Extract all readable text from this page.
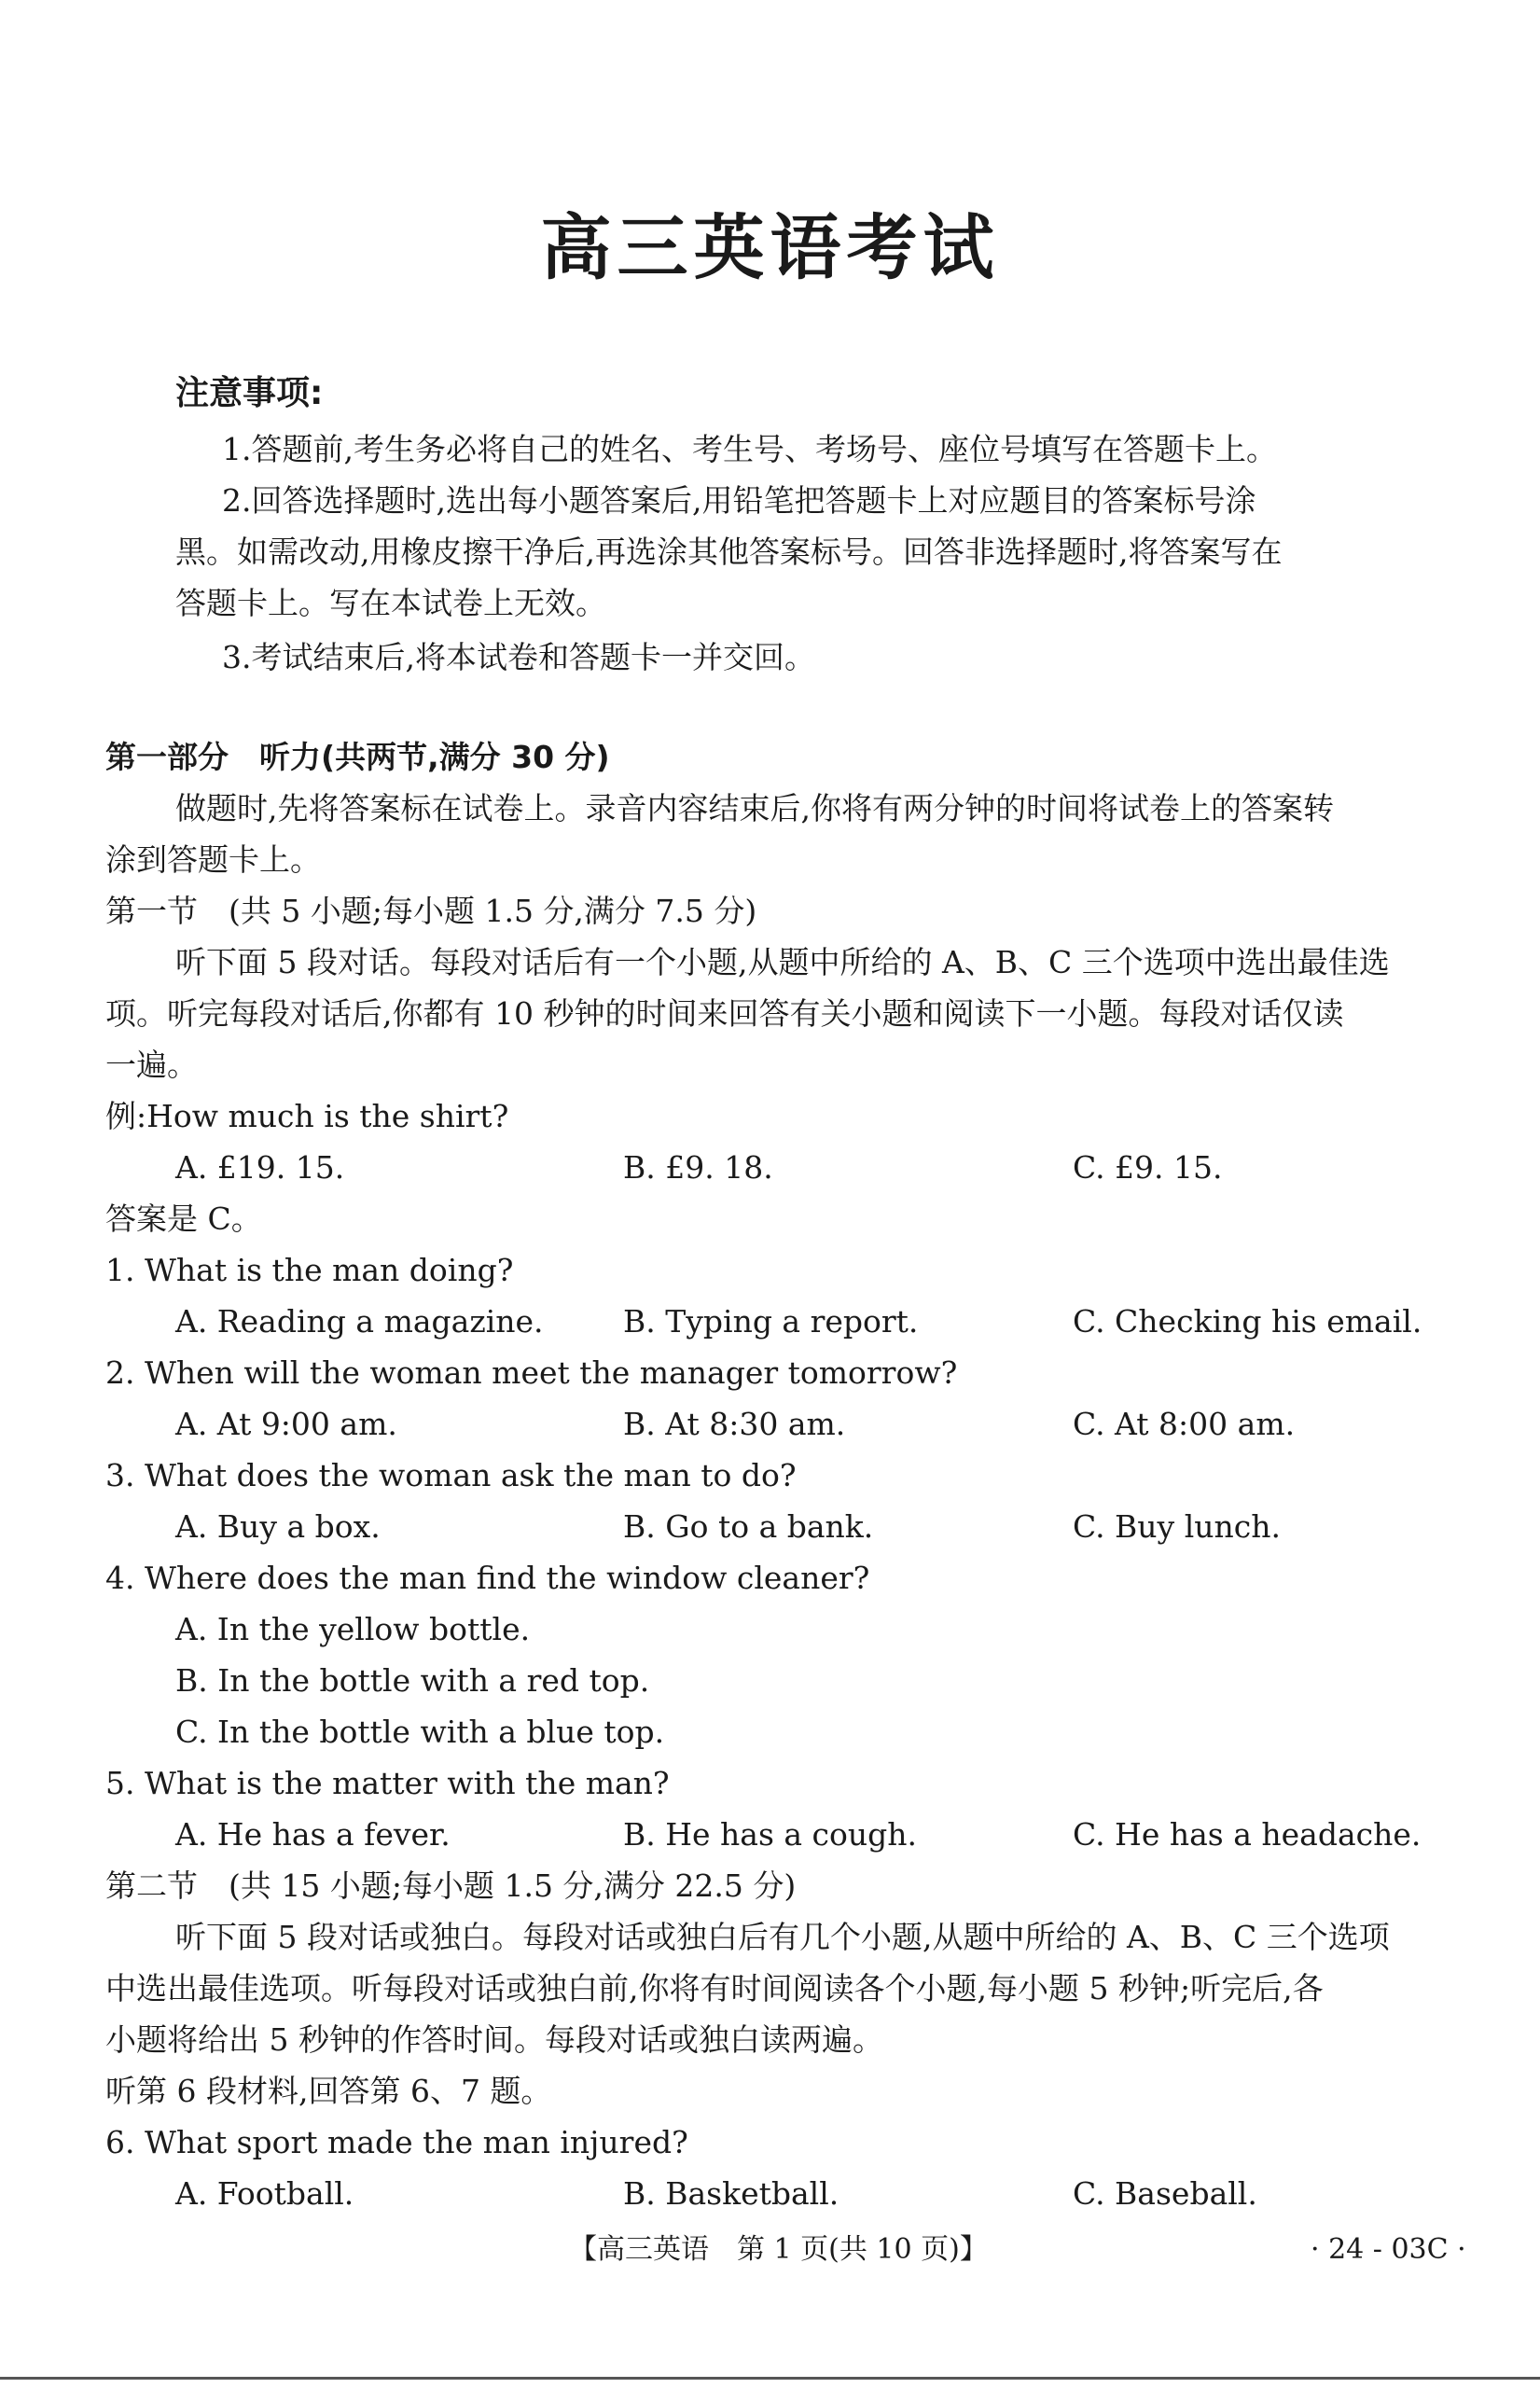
高三英语考试
注意事项:
1.答题前,考生务必将自己的姓名、考生号、考场号、座位号填写在答题卡上。
2.回答选择题时,选出每小题答案后,用铅笔把答题卡上对应题目的答案标号涂
黑。如需改动,用橡皮擦干净后,再选涂其他答案标号。回答非选择题时,将答案写在
答题卡上。写在本试卷上无效。
3.考试结束后,将本试卷和答题卡一并交回。
第一部分　听力(共两节,满分 30 分)
做题时,先将答案标在试卷上。录音内容结束后,你将有两分钟的时间将试卷上的答案转
涂到答题卡上。
第一节　(共 5 小题;每小题 1.5 分,满分 7.5 分)
听下面 5 段对话。每段对话后有一个小题,从题中所给的 A、B、C 三个选项中选出最佳选
项。听完每段对话后,你都有 10 秒钟的时间来回答有关小题和阅读下一小题。每段对话仅读
一遍。
例:How much is the shirt?
A. £19. 15.	B. £9. 18.	C. £9. 15.
答案是 C。
1. What is the man doing?
A. Reading a magazine.	B. Typing a report.	C. Checking his email.
2. When will the woman meet the manager tomorrow?
A. At 9:00 am.	B. At 8:30 am.	C. At 8:00 am.
3. What does the woman ask the man to do?
A. Buy a box.	B. Go to a bank.	C. Buy lunch.
4. Where does the man find the window cleaner?
A. In the yellow bottle.
B. In the bottle with a red top.
C. In the bottle with a blue top.
5. What is the matter with the man?
A. He has a fever.	B. He has a cough.	C. He has a headache.
第二节　(共 15 小题;每小题 1.5 分,满分 22.5 分)
听下面 5 段对话或独白。每段对话或独白后有几个小题,从题中所给的 A、B、C 三个选项
中选出最佳选项。听每段对话或独白前,你将有时间阅读各个小题,每小题 5 秒钟;听完后,各
小题将给出 5 秒钟的作答时间。每段对话或独白读两遍。
听第 6 段材料,回答第 6、7 题。
6. What sport made the man injured?
A. Football.	B. Basketball.	C. Baseball.
【高三英语　第 1 页(共 10 页)】	· 24 - 03C ·
